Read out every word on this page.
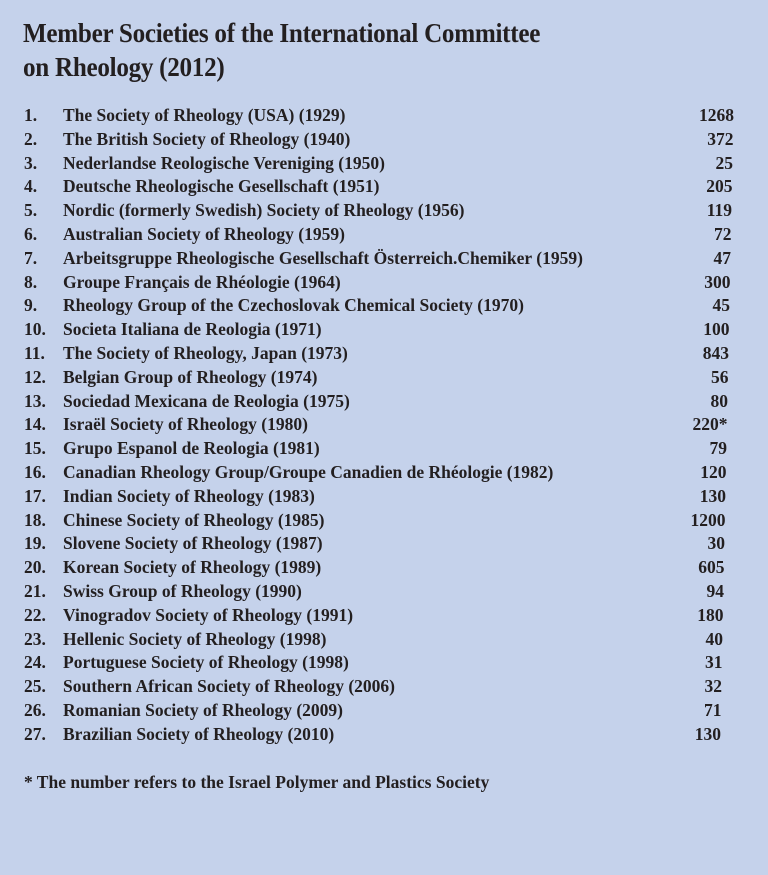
Member Societies of the International Committee
on Rheology (2012)
1. The Society of Rheology (USA) (1929)	1268
2. The British Society of Rheology (1940)	372
3. Nederlandse Reologische Vereniging (1950)	25
4. Deutsche Rheologische Gesellschaft (1951)	205
5. Nordic (formerly Swedish) Society of Rheology (1956)	119
6. Australian Society of Rheology (1959)	72
7. Arbeitsgruppe Rheologische Gesellschaft Österreich.Chemiker (1959)	47
8. Groupe Français de Rhéologie (1964)	300
9. Rheology Group of the Czechoslovak Chemical Society (1970)	45
10. Societa Italiana de Reologia (1971)	100
11. The Society of Rheology, Japan (1973)	843
12. Belgian Group of Rheology (1974)	56
13. Sociedad Mexicana de Reologia (1975)	80
14. Israël Society of Rheology (1980)	220*
15. Grupo Espanol de Reologia (1981)	79
16. Canadian Rheology Group/Groupe Canadien de Rhéologie (1982)	120
17. Indian Society of Rheology (1983)	130
18. Chinese Society of Rheology (1985)	1200
19. Slovene Society of Rheology (1987)	30
20. Korean Society of Rheology (1989)	605
21. Swiss Group of Rheology (1990)	94
22. Vinogradov Society of Rheology (1991)	180
23. Hellenic Society of Rheology (1998)	40
24. Portuguese Society of Rheology (1998)	31
25. Southern African Society of Rheology (2006)	32
26. Romanian Society of Rheology (2009)	71
27. Brazilian Society of Rheology (2010)	130
* The number refers to the Israel Polymer and Plastics Society
